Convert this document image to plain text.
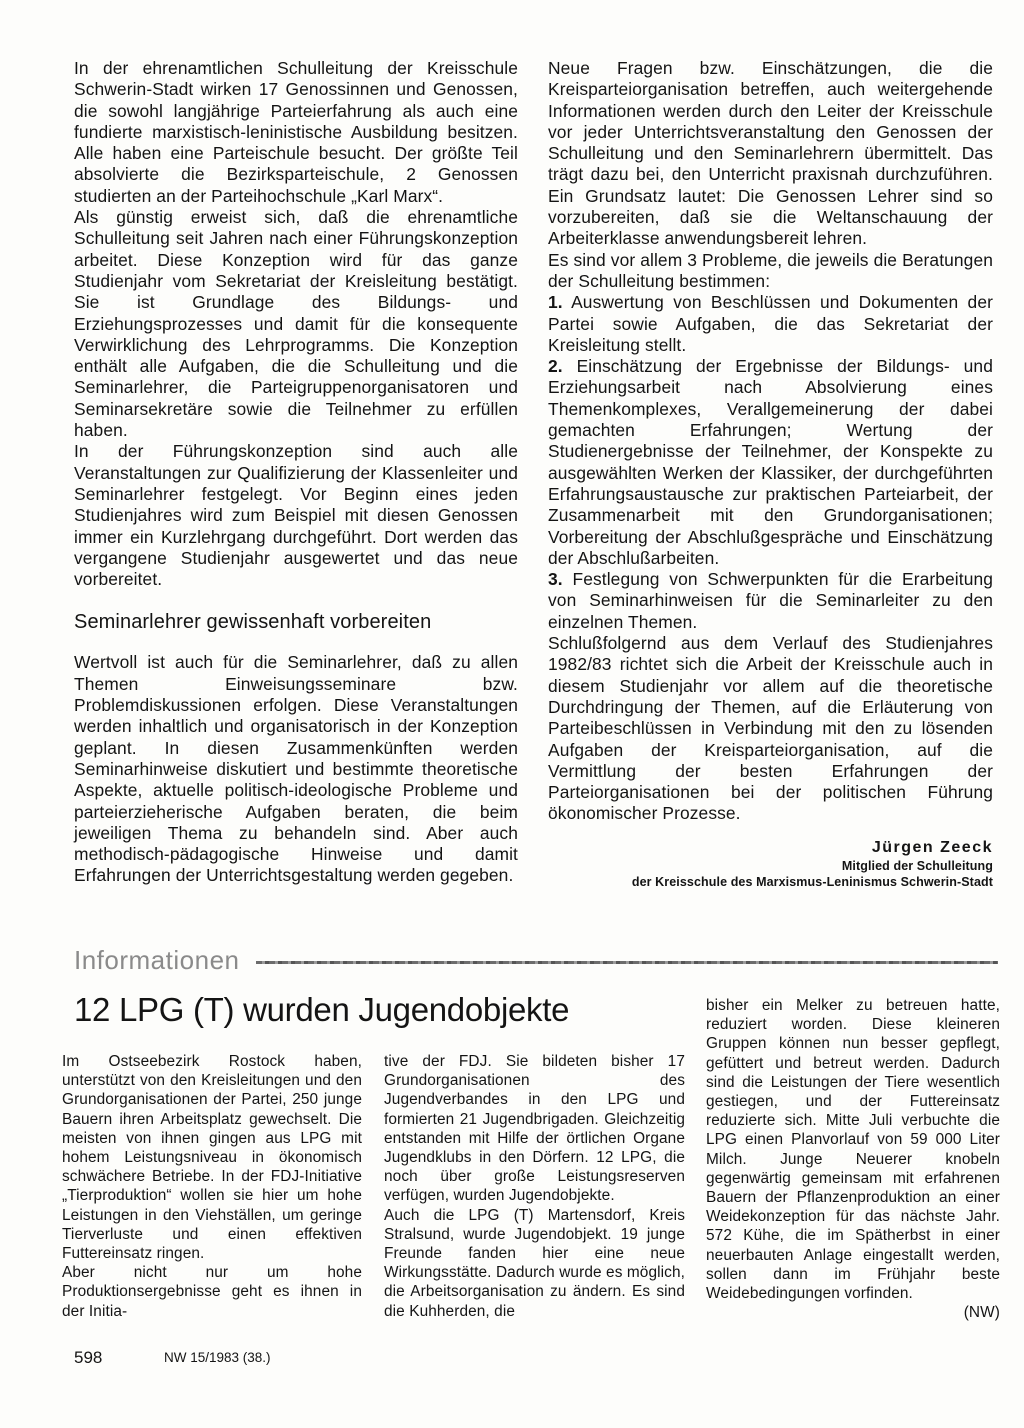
In der ehrenamtlichen Schulleitung der Kreisschule Schwerin-Stadt wirken 17 Genossinnen und Genossen, die sowohl langjährige Parteierfahrung als auch eine fundierte marxistisch-leninistische Ausbildung besitzen. Alle haben eine Parteischule besucht. Der größte Teil absolvierte die Bezirksparteischule, 2 Genossen studierten an der Parteihochschule „Karl Marx“.

Als günstig erweist sich, daß die ehrenamtliche Schulleitung seit Jahren nach einer Führungskonzeption arbeitet. Diese Konzeption wird für das ganze Studienjahr vom Sekretariat der Kreisleitung bestätigt. Sie ist Grundlage des Bildungs- und Erziehungsprozesses und damit für die konsequente Verwirklichung des Lehrprogramms. Die Konzeption enthält alle Aufgaben, die die Schulleitung und die Seminarlehrer, die Parteigruppenorganisatoren und Seminarsekretäre sowie die Teilnehmer zu erfüllen haben.

In der Führungskonzeption sind auch alle Veranstaltungen zur Qualifizierung der Klassenleiter und Seminarlehrer festgelegt. Vor Beginn eines jeden Studienjahres wird zum Beispiel mit diesen Genossen immer ein Kurzlehrgang durchgeführt. Dort werden das vergangene Studienjahr ausgewertet und das neue vorbereitet.

Seminarlehrer gewissenhaft vorbereiten

Wertvoll ist auch für die Seminarlehrer, daß zu allen Themen Einweisungsseminare bzw. Problemdiskussionen erfolgen. Diese Veranstaltungen werden inhaltlich und organisatorisch in der Konzeption geplant. In diesen Zusammenkünften werden Seminarhinweise diskutiert und bestimmte theoretische Aspekte, aktuelle politisch-ideologische Probleme und parteierzieherische Aufgaben beraten, die beim jeweiligen Thema zu behandeln sind. Aber auch methodisch-pädagogische Hinweise und damit Erfahrungen der Unterrichtsgestaltung werden gegeben.

Neue Fragen bzw. Einschätzungen, die die Kreisparteiorganisation betreffen, auch weitergehende Informationen werden durch den Leiter der Kreisschule vor jeder Unterrichtsveranstaltung den Genossen der Schulleitung und den Seminarlehrern übermittelt. Das trägt dazu bei, den Unterricht praxisnah durchzuführen. Ein Grundsatz lautet: Die Genossen Lehrer sind so vorzubereiten, daß sie die Weltanschauung der Arbeiterklasse anwendungsbereit lehren.

Es sind vor allem 3 Probleme, die jeweils die Beratungen der Schulleitung bestimmen:

1. Auswertung von Beschlüssen und Dokumenten der Partei sowie Aufgaben, die das Sekretariat der Kreisleitung stellt.

2. Einschätzung der Ergebnisse der Bildungs- und Erziehungsarbeit nach Absolvierung eines Themenkomplexes, Verallgemeinerung der dabei gemachten Erfahrungen; Wertung der Studienergebnisse der Teilnehmer, der Konspekte zu ausgewählten Werken der Klassiker, der durchgeführten Erfahrungsaustausche zur praktischen Parteiarbeit, der Zusammenarbeit mit den Grundorganisationen; Vorbereitung der Abschlußgespräche und Einschätzung der Abschlußarbeiten.

3. Festlegung von Schwerpunkten für die Erarbeitung von Seminarhinweisen für die Seminarleiter zu den einzelnen Themen.

Schlußfolgernd aus dem Verlauf des Studienjahres 1982/83 richtet sich die Arbeit der Kreisschule auch in diesem Studienjahr vor allem auf die theoretische Durchdringung der Themen, auf die Erläuterung von Parteibeschlüssen in Verbindung mit den zu lösenden Aufgaben der Kreisparteiorganisation, auf die Vermittlung der besten Erfahrungen der Parteiorganisationen bei der politischen Führung ökonomischer Prozesse.

Jürgen Zeeck
Mitglied der Schulleitung
der Kreisschule des Marxismus-Leninismus Schwerin-Stadt
Informationen
12 LPG (T) wurden Jugendobjekte

Im Ostseebezirk Rostock haben, unterstützt von den Kreisleitungen und den Grundorganisationen der Partei, 250 junge Bauern ihren Arbeitsplatz gewechselt. Die meisten von ihnen gingen aus LPG mit hohem Leistungsniveau in ökonomisch schwächere Betriebe. In der FDJ-Initiative „Tierproduktion“ wollen sie hier um hohe Leistungen in den Viehställen, um geringe Tierverluste und einen effektiven Futtereinsatz ringen.

Aber nicht nur um hohe Produktionsergebnisse geht es ihnen in der Initia-

tive der FDJ. Sie bildeten bisher 17 Grundorganisationen des Jugendverbandes in den LPG und formierten 21 Jugendbrigaden. Gleichzeitig entstanden mit Hilfe der örtlichen Organe Jugendklubs in den Dörfern. 12 LPG, die noch über große Leistungsreserven verfügen, wurden Jugendobjekte.

Auch die LPG (T) Martensdorf, Kreis Stralsund, wurde Jugendobjekt. 19 junge Freunde fanden hier eine neue Wirkungsstätte. Dadurch wurde es möglich, die Arbeitsorganisation zu ändern. Es sind die Kuhherden, die

bisher ein Melker zu betreuen hatte, reduziert worden. Diese kleineren Gruppen können nun besser gepflegt, gefüttert und betreut werden. Dadurch sind die Leistungen der Tiere wesentlich gestiegen, und der Futtereinsatz reduzierte sich. Mitte Juli verbuchte die LPG einen Planvorlauf von 59 000 Liter Milch. Junge Neuerer knobeln gegenwärtig gemeinsam mit erfahrenen Bauern der Pflanzenproduktion an einer Weidekonzeption für das nächste Jahr. 572 Kühe, die im Spätherbst in einer neuerbauten Anlage eingestallt werden, sollen dann im Frühjahr beste Weidebedingungen vorfinden.

(NW)

598	NW 15/1983 (38.)
